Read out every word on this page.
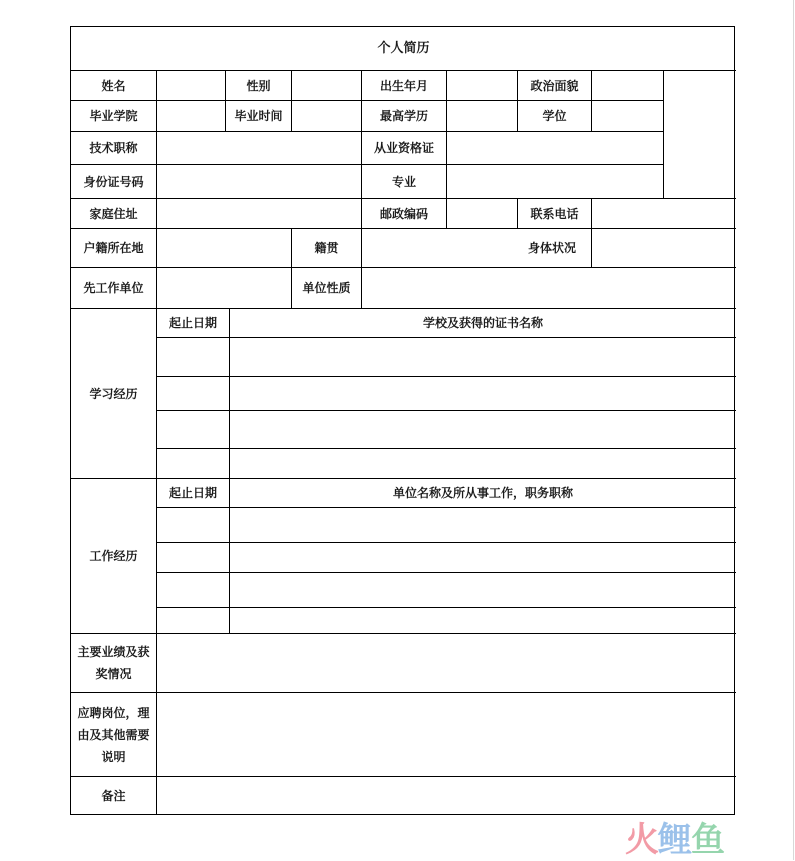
个人简历
姓名	性别	出生年月	政治面貌
毕业学院	毕业时间	最高学历	学位
技术职称	从业资格证
身份证号码	专业
家庭住址	邮政编码	联系电话
户籍所在地	籍贯	身体状况
先工作单位	单位性质
学习经历
起止日期	学校及获得的证书名称
工作经历
起止日期	单位名称及所从事工作，职务职称
主要业绩及获奖情况
应聘岗位，理由及其他需要说明
备注
火 鲤 鱼
